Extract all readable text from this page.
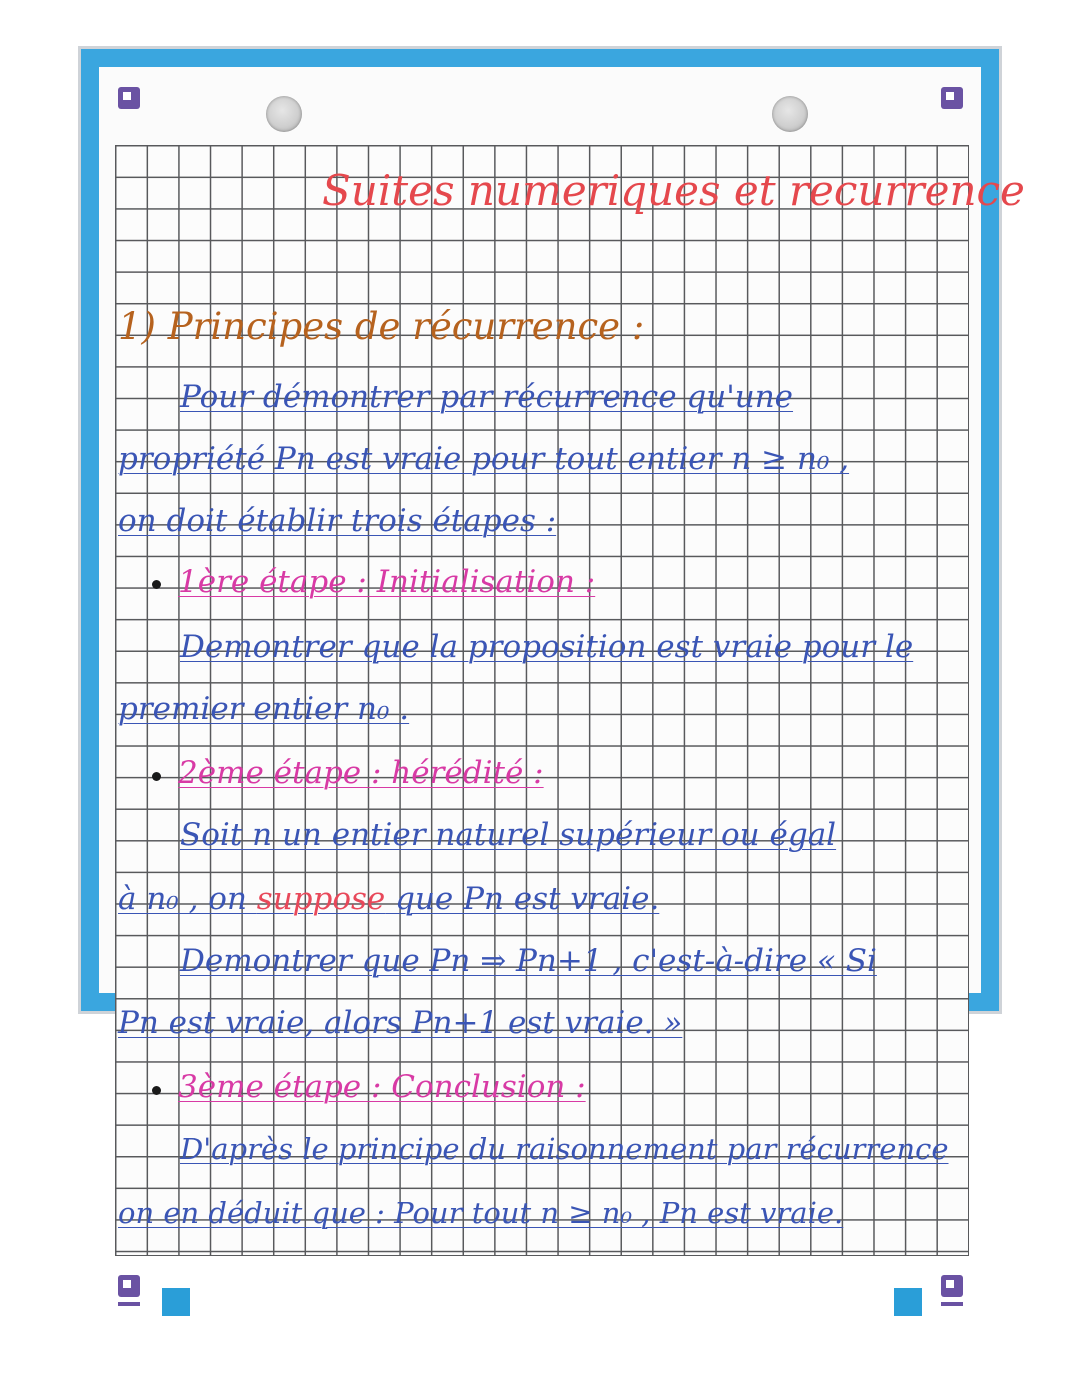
Suites numeriques et recurrence

1) Principes de récurrence :

Pour démontrer par récurrence qu'une

propriété Pn est vraie pour tout entier n ≥ n₀ ,

on doit établir trois étapes :

1ère étape : Initialisation :

Demontrer que la proposition est vraie pour le

premier entier n₀ .

2ème étape : hérédité :

Soit n un entier naturel supérieur ou égal

à n₀ , on suppose que Pn est vraie.

Demontrer que Pn ⇒ Pn+1 , c'est-à-dire « Si

Pn est vraie, alors Pn+1 est vraie. »

3ème étape : Conclusion :

D'après le principe du raisonnement par récurrence

on en déduit que : Pour tout n ≥ n₀ , Pn est vraie.
